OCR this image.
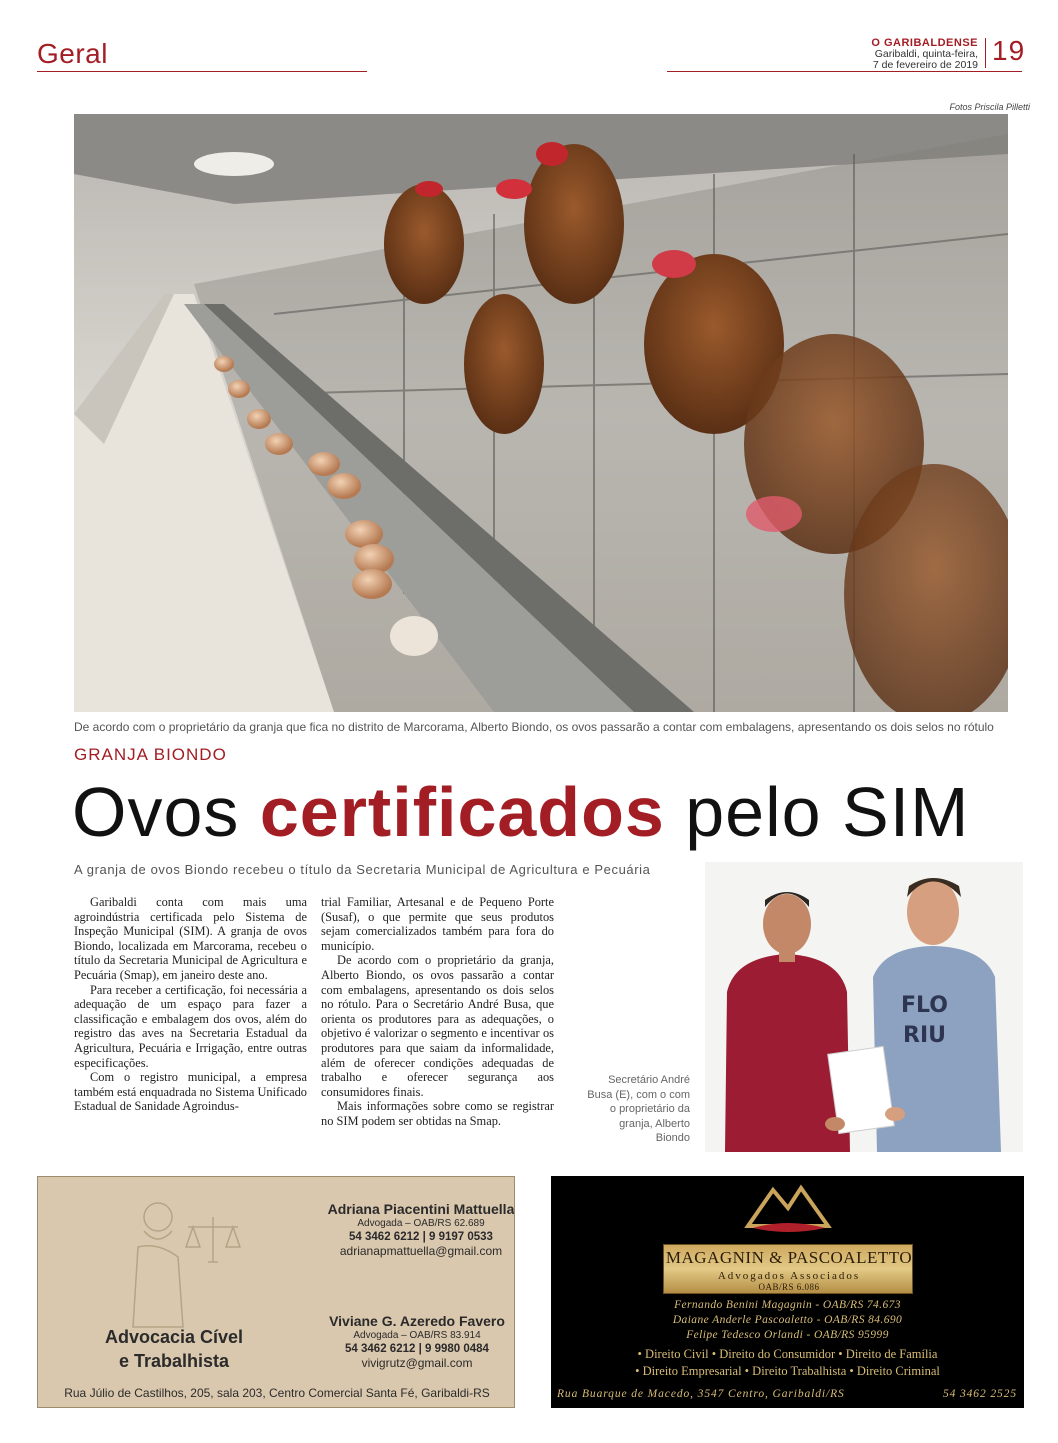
Geral	O GARIBALDENSE
Garibaldi, quinta-feira,
7 de fevereiro de 2019 19
Fotos Priscila Pilletti
De acordo com o proprietário da granja que fica no distrito de Marcorama, Alberto Biondo, os ovos passarão a contar com embalagens, apresentando os dois selos no rótulo
GRANJA BIONDO
Ovos certificados pelo SIM
A granja de ovos Biondo recebeu o título da Secretaria Municipal de Agricultura e Pecuária

Garibaldi conta com mais uma agroindústria certificada pelo Sistema de Inspeção Municipal (SIM). A granja de ovos Biondo, localizada em Marcorama, recebeu o título da Secretaria Municipal de Agricultura e Pecuária (Smap), em janeiro deste ano.

Para receber a certificação, foi necessária a adequação de um espaço para fazer a classificação e embalagem dos ovos, além do registro das aves na Secretaria Estadual da Agricultura, Pecuária e Irrigação, entre outras especificações.

Com o registro municipal, a empresa também está enquadrada no Sistema Unificado Estadual de Sanidade Agroindus-

trial Familiar, Artesanal e de Pequeno Porte (Susaf), o que permite que seus produtos sejam comercializados também para fora do município.

De acordo com o proprietário da granja, Alberto Biondo, os ovos passarão a contar com embalagens, apresentando os dois selos no rótulo. Para o Secretário André Busa, que orienta os produtores para as adequações, o objetivo é valorizar o segmento e incentivar os produtores para que saiam da informalidade, além de oferecer condições adequadas de trabalho e oferecer segurança aos consumidores finais.

Mais informações sobre como se registrar no SIM podem ser obtidas na Smap.

FLO
RIU
Secretário André Busa (E), com o com o proprietário da granja, Alberto Biondo
Advocacia Cível
e Trabalhista
Adriana Piacentini Mattuella
Advogada – OAB/RS 62.689
54 3462 6212 | 9 9197 0533
adrianapmattuella@gmail.com
Viviane G. Azeredo Favero
Advogada – OAB/RS 83.914
54 3462 6212 | 9 9980 0484
vivigrutz@gmail.com
Rua Júlio de Castilhos, 205, sala 203, Centro Comercial Santa Fé, Garibaldi-RS
MAGAGNIN & PASCOALETTO
Advogados Associados
OAB/RS 6.086
Fernando Benini Magagnin - OAB/RS 74.673
Daiane Anderle Pascoaletto - OAB/RS 84.690
Felipe Tedesco Orlandi - OAB/RS 95999
• Direito Civil • Direito do Consumidor • Direito de Família
• Direito Empresarial • Direito Trabalhista • Direito Criminal
Rua Buarque de Macedo, 3547 Centro, Garibaldi/RS	54 3462 2525
